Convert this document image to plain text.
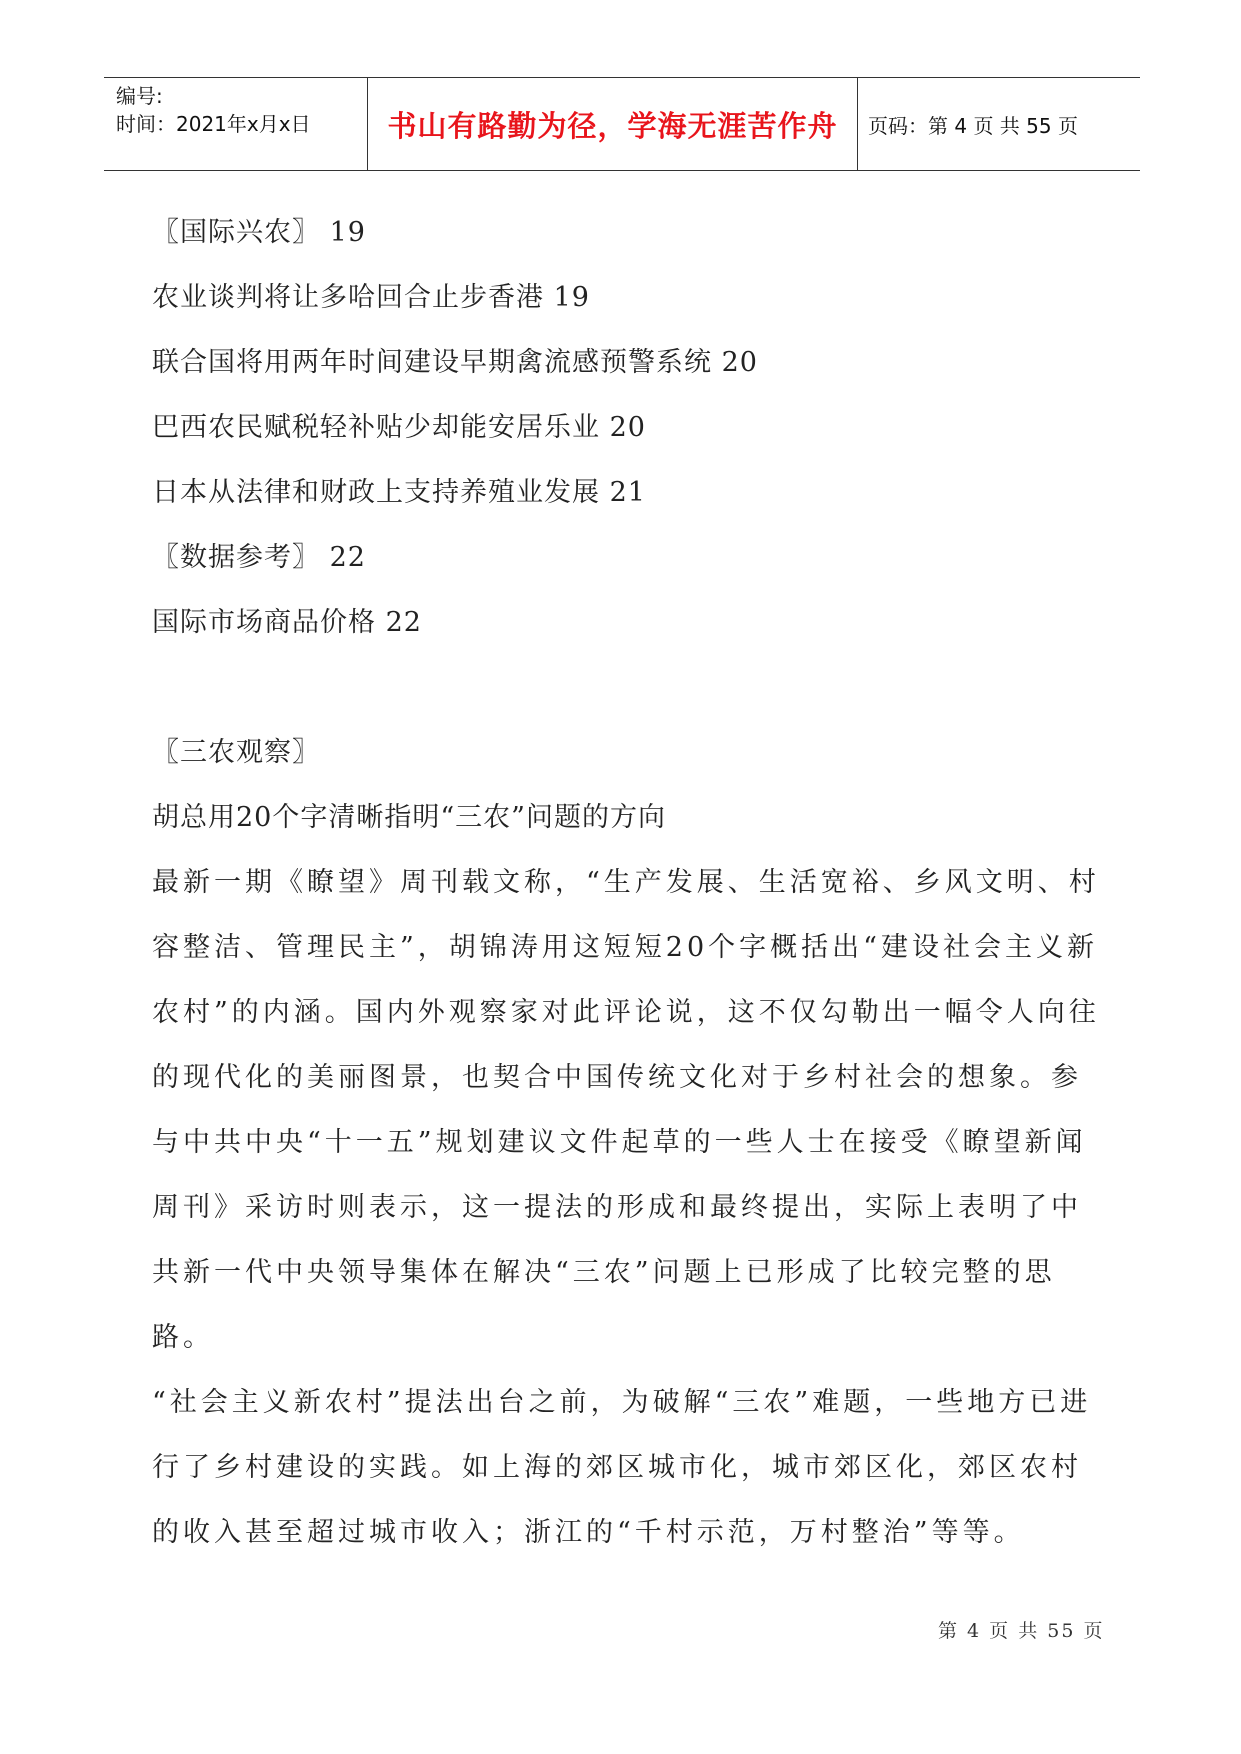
编号:
时间：2021年x月x日	书山有路勤为径，学海无涯苦作舟	页码：第 4 页 共 55 页
〖国际兴农〗 19
农业谈判将让多哈回合止步香港 19
联合国将用两年时间建设早期禽流感预警系统 20
巴西农民赋税轻补贴少却能安居乐业 20
日本从法律和财政上支持养殖业发展 21
〖数据参考〗 22
国际市场商品价格 22
〖三农观察〗
胡总用20个字清晰指明“三农”问题的方向

最新一期《瞭望》周刊载文称，“生产发展、生活宽裕、乡风文明、村容整洁、管理民主”，胡锦涛用这短短20个字概括出“建设社会主义新农村”的内涵。国内外观察家对此评论说，这不仅勾勒出一幅令人向往的现代化的美丽图景，也契合中国传统文化对于乡村社会的想象。参与中共中央“十一五”规划建议文件起草的一些人士在接受《瞭望新闻周刊》采访时则表示，这一提法的形成和最终提出，实际上表明了中共新一代中央领导集体在解决“三农”问题上已形成了比较完整的思路。

“社会主义新农村”提法出台之前，为破解“三农”难题，一些地方已进行了乡村建设的实践。如上海的郊区城市化，城市郊区化，郊区农村的收入甚至超过城市收入；浙江的“千村示范，万村整治”等等。

第 4 页 共 55 页
